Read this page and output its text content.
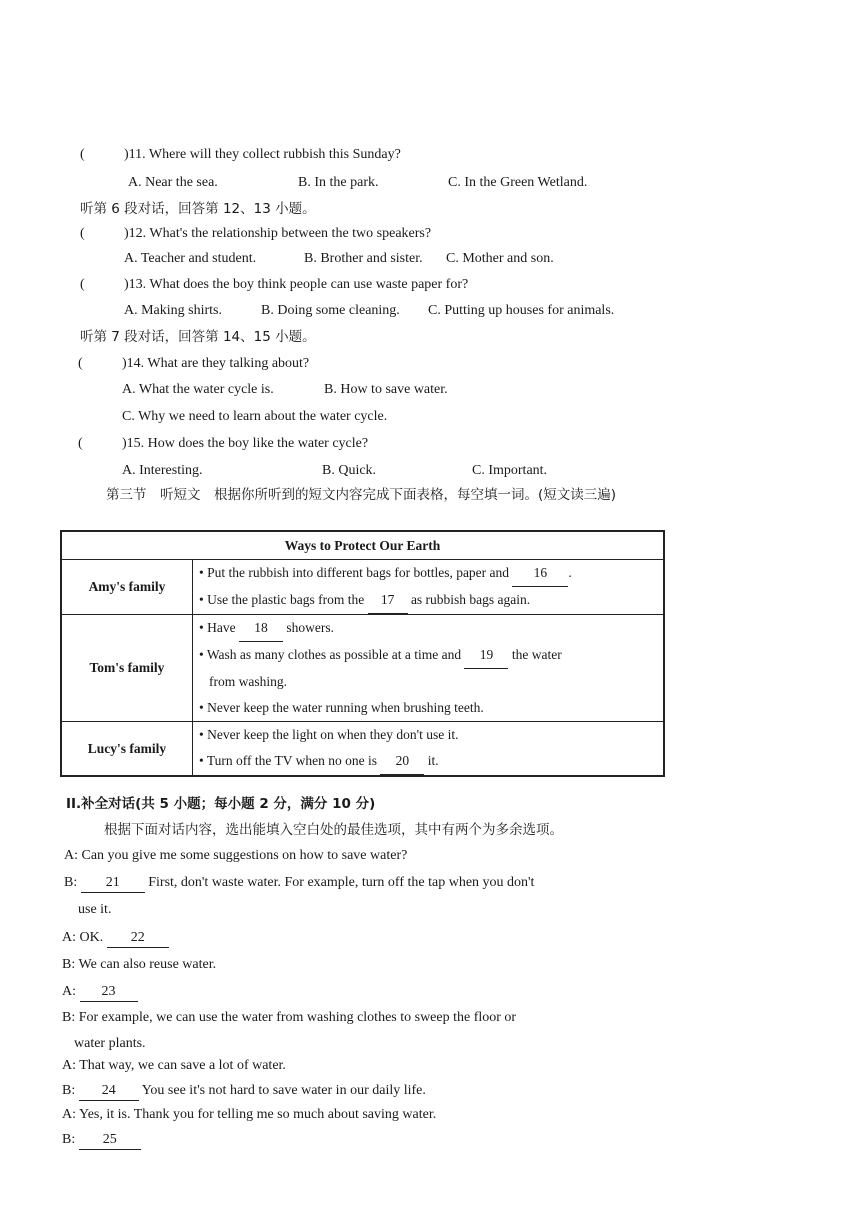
(	)11. Where will they collect rubbish this Sunday?
A. Near the sea.	B. In the park.	C. In the Green Wetland.
听第 6 段对话，回答第 12、13 小题。
(	)12. What's the relationship between the two speakers?
A. Teacher and student.	B. Brother and sister. C. Mother and son.
(	)13. What does the boy think people can use waste paper for?
A. Making shirts.	B. Doing some cleaning. C. Putting up houses for animals.
听第 7 段对话，回答第 14、15 小题。
(	)14. What are they talking about?
A. What the water cycle is.	B. How to save water.
C. Why we need to learn about the water cycle.
(	)15. How does the boy like the water cycle?
A. Interesting.	B. Quick.	C. Important.
第三节　听短文　根据你所听到的短文内容完成下面表格，每空填一词。(短文读三遍)
Ways to Protect Our Earth	
Amy's family	• Put the rubbish into different bags for bottles, paper and 16 .
• Use the plastic bags from the 17 as rubbish bags again.

Tom's family	• Have 18 showers.
• Wash as many clothes as possible at a time and 19 the water
from washing.
• Never keep the water running when brushing teeth.

Lucy's family	• Never keep the light on when they don't use it.
• Turn off the TV when no one is 20 it.
II.补全对话(共 5 小题；每小题 2 分，满分 10 分)
根据下面对话内容，选出能填入空白处的最佳选项，其中有两个为多余选项。
A: Can you give me some suggestions on how to save water?
B: 21 First, don't waste water. For example, turn off the tap when you don't
use it.
A: OK. 22
B: We can also reuse water.
A: 23
B: For example, we can use the water from washing clothes to sweep the floor or
water plants.
A: That way, we can save a lot of water.
B: 24 You see it's not hard to save water in our daily life.
A: Yes, it is. Thank you for telling me so much about saving water.
B: 25
